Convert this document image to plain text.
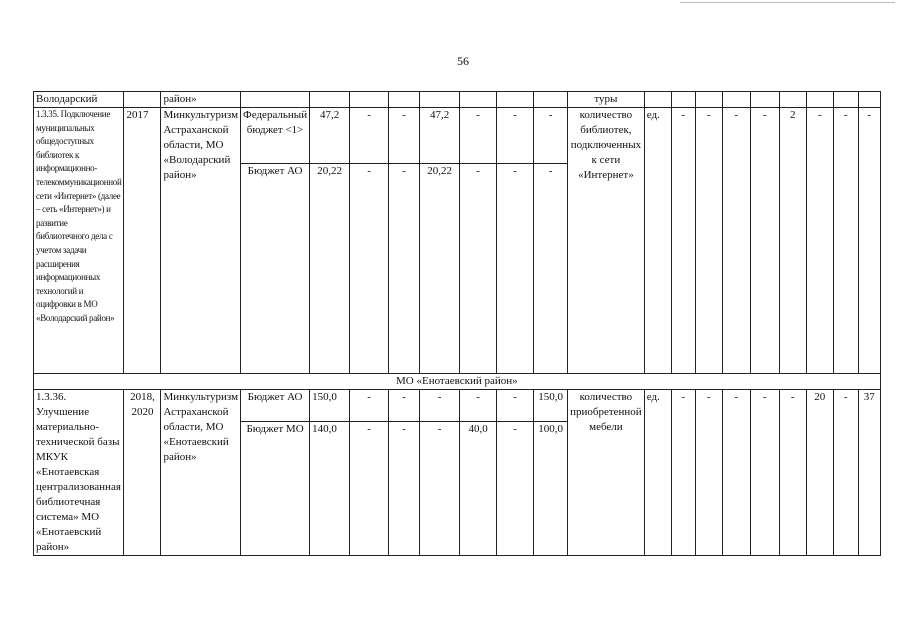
56
Володарский		район»									туры									
1.3.35. Подключение муниципальных общедоступных библиотек к информационно-телекоммуникационной сети «Интернет» (далее – сеть «Интернет») и развитие библиотечного дела с учетом задачи расширения информационных технологий и оцифровки в МО «Володарский район»	2017	Минкультуризм Астраханской области, МО «Володарский район»	Федеральный бюджет <1>	47,2	-	-	47,2	-	-	-	количество библиотек, подключенных к сети «Интернет»	ед.	-	-	-	-	2	-	-	-
			Бюджет АО	20,22	-	-	20,22	-	-	-										
МО «Енотаевский район»																				
1.3.36. Улучшение материально-технической базы МКУК «Енотаевская централизованная библиотечная система» МО «Енотаевский район»	2018, 2020	Минкультуризм Астраханской области, МО «Енотаевский район»	Бюджет АО	150,0	-	-	-	-	-	150,0	количество приобретенной мебели	ед.	-	-	-	-	-	20	-	37
			Бюджет МО	140,0	-	-	-	40,0	-	100,0										
